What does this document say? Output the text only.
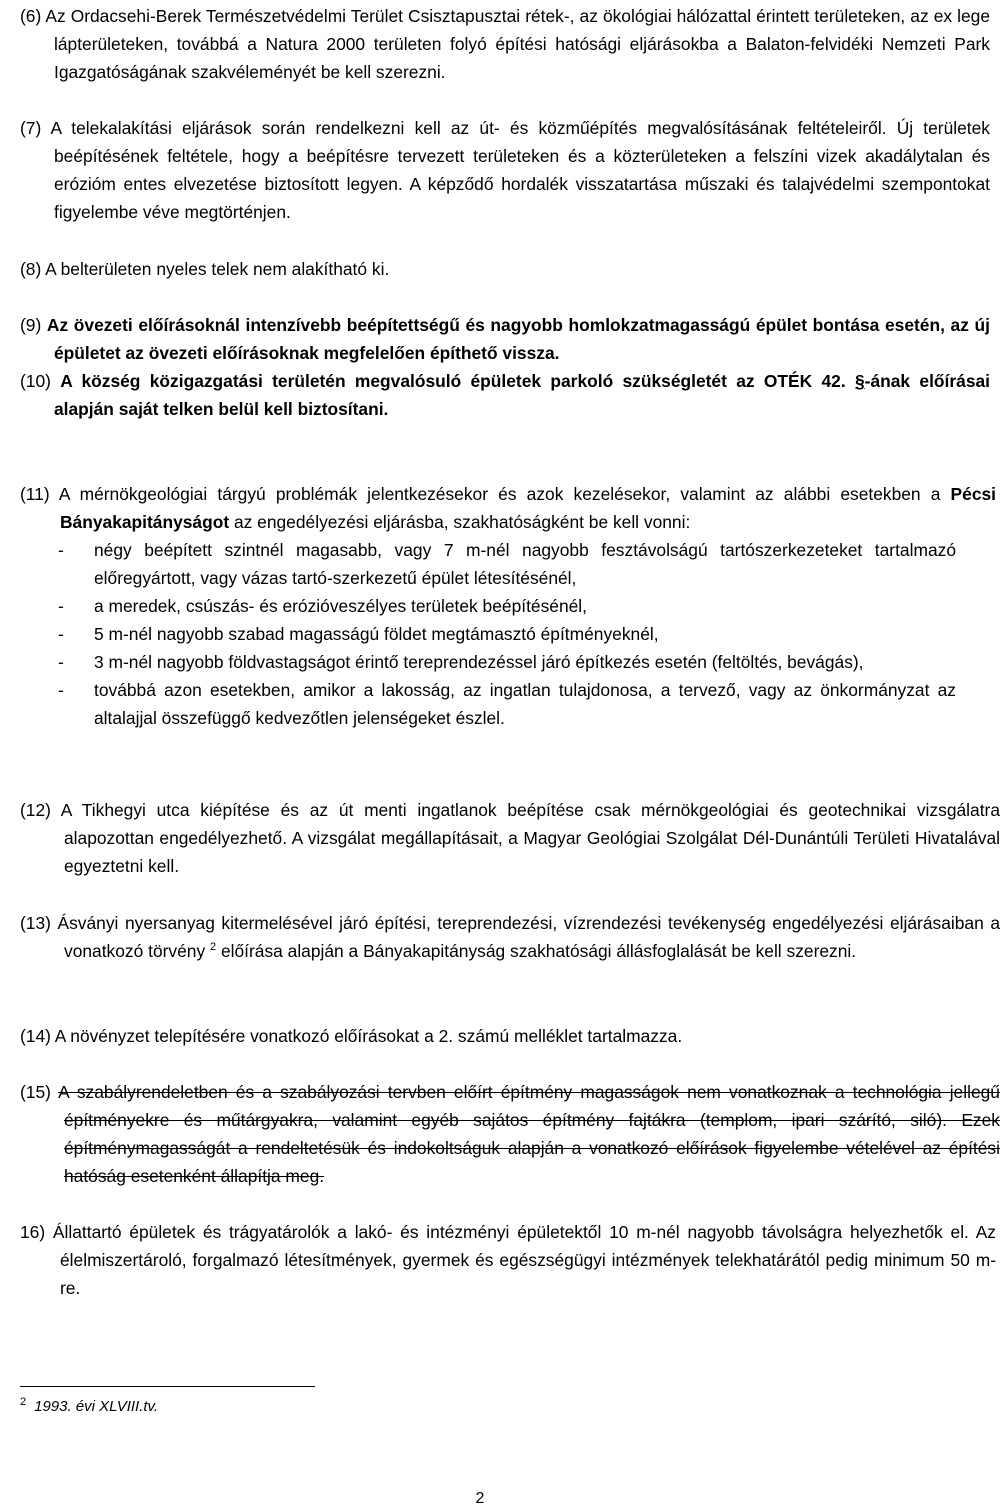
(6) Az Ordacsehi-Berek Természetvédelmi Terület Csisztapusztai rétek-, az ökológiai hálózattal érintett területeken, az ex lege lápterületeken, továbbá a Natura 2000 területen folyó építési hatósági eljárásokba a Balaton-felvidéki Nemzeti Park Igazgatóságának szakvéleményét be kell szerezni.
(7) A telekalakítási eljárások során rendelkezni kell az út- és közműépítés megvalósításának feltételeiről. Új területek beépítésének feltétele, hogy a beépítésre tervezett területeken és a közterületeken a felszíni vizek akadálytalan és erózióm entes elvezetése biztosított legyen. A képződő hordalék visszatartása műszaki és talajvédelmi szempontokat figyelembe véve megtörténjen.
(8) A belterületen nyeles telek nem alakítható ki.
(9) Az övezeti előírásoknál intenzívebb beépítettségű és nagyobb homlokzatmagasságú épület bontása esetén, az új épületet az övezeti előírásoknak megfelelően építhető vissza.
(10) A község közigazgatási területén megvalósuló épületek parkoló szükségletét az OTÉK 42. §-ának előírásai alapján saját telken belül kell biztosítani.
(11) A mérnökgeológiai tárgyú problémák jelentkezésekor és azok kezelésekor, valamint az alábbi esetekben a Pécsi Bányakapitányságot az engedélyezési eljárásba, szakhatóságként be kell vonni:
-	négy beépített szintnél magasabb, vagy 7 m-nél nagyobb fesztávolságú tartószerkezeteket tartalmazó előregyártott, vagy vázas tartó-szerkezetű épület létesítésénél,
-	a meredek, csúszás- és erózióveszélyes területek beépítésénél,
-	5 m-nél nagyobb szabad magasságú földet megtámasztó építményeknél,
-	3 m-nél nagyobb földvastagságot érintő tereprendezéssel járó építkezés esetén (feltöltés, bevágás),
-	továbbá azon esetekben, amikor a lakosság, az ingatlan tulajdonosa, a tervező, vagy az önkormányzat az altalajjal összefüggő kedvezőtlen jelenségeket észlel.
(12) A Tikhegyi utca kiépítése és az út menti ingatlanok beépítése csak mérnökgeológiai és geotechnikai vizsgálatra alapozottan engedélyezhető. A vizsgálat megállapításait, a Magyar Geológiai Szolgálat Dél-Dunántúli Területi Hivatalával egyeztetni kell.
(13) Ásványi nyersanyag kitermelésével járó építési, tereprendezési, vízrendezési tevékenység engedélyezési eljárásaiban a vonatkozó törvény $^2$ előírása alapján a Bányakapitányság szakhatósági állásfoglalását be kell szerezni.
(14) A növényzet telepítésére vonatkozó előírásokat a 2. számú melléklet tartalmazza.
(15) A szabályrendeletben és a szabályozási tervben előírt építmény magasságok nem vonatkoznak a technológia jellegű építményekre és műtárgyakra, valamint egyéb sajátos építmény fajtákra (templom, ipari szárító, siló). Ezek építménymagasságát a rendeltetésük és indokoltságuk alapján a vonatkozó előírások figyelembe vételével az építési hatóság esetenként állapítja meg.
16) Állattartó épületek és trágyatárolók a lakó- és intézményi épületektől 10 m-nél nagyobb távolságra helyezhetők el. Az élelmiszertároló, forgalmazó létesítmények, gyermek és egészségügyi intézmények telekhatárától pedig minimum 50 m-re.
$^2$ 1993. évi XLVIII.tv.
2
